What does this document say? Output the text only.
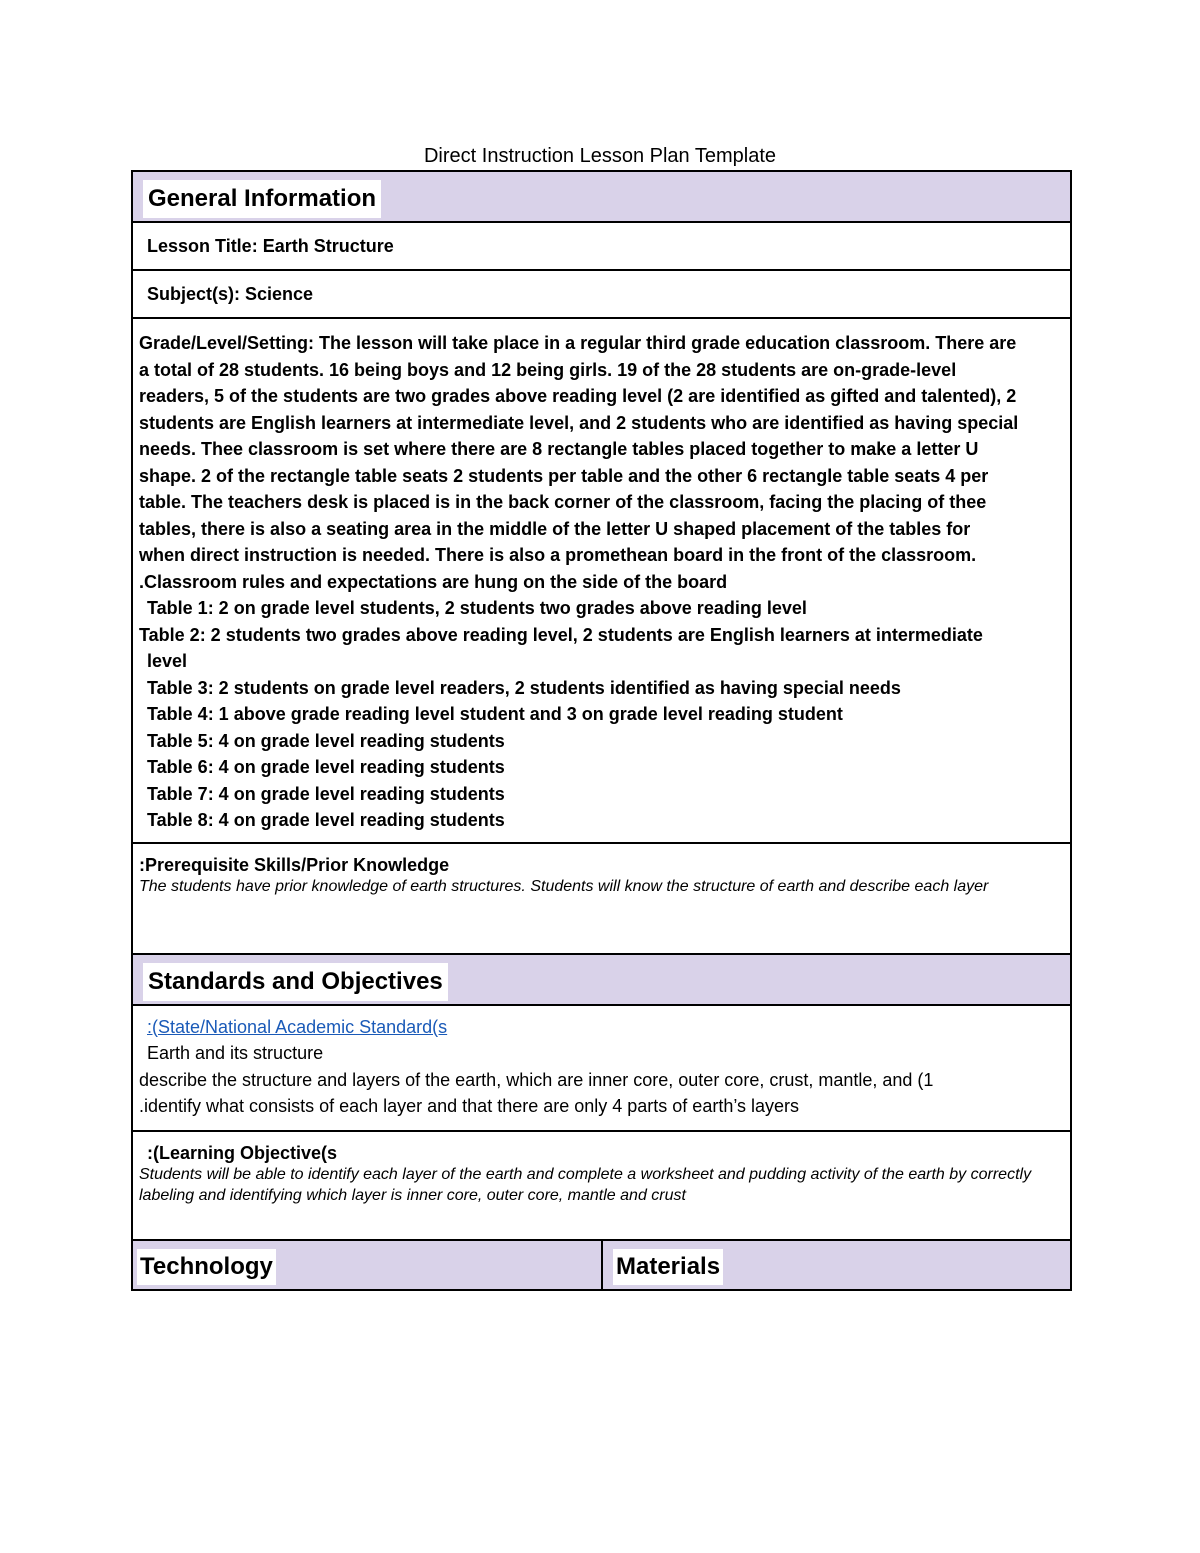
Direct Instruction Lesson Plan Template
General Information
Lesson Title: Earth Structure
Subject(s): Science

Grade/Level/Setting: The lesson will take place in a regular third grade education classroom. There are
a total of 28 students. 16 being boys and 12 being girls. 19 of the 28 students are on-grade-level
readers, 5 of the students are two grades above reading level (2 are identified as gifted and talented), 2
students are English learners at intermediate level, and 2 students who are identified as having special
needs. Thee classroom is set where there are 8 rectangle tables placed together to make a letter U
shape. 2 of the rectangle table seats 2 students per table and the other 6 rectangle table seats 4 per
table. The teachers desk is placed is in the back corner of the classroom, facing the placing of thee
tables, there is also a seating area in the middle of the letter U shaped placement of the tables for
when direct instruction is needed. There is also a promethean board in the front of the classroom.
.Classroom rules and expectations are hung on the side of the board
Table 1: 2 on grade level students, 2 students two grades above reading level
Table 2: 2 students two grades above reading level, 2 students are English learners at intermediate
level
Table 3: 2 students on grade level readers, 2 students identified as having special needs
Table 4: 1 above grade reading level student and 3 on grade level reading student
Table 5: 4 on grade level reading students
Table 6: 4 on grade level reading students
Table 7: 4 on grade level reading students
Table 8: 4 on grade level reading students

:Prerequisite Skills/Prior Knowledge
The students have prior knowledge of earth structures. Students will know the structure of earth and describe each layer

Standards and Objectives

:(State/National Academic Standard(s
Earth and its structure
describe the structure and layers of the earth, which are inner core, outer core, crust, mantle, and (1
.identify what consists of each layer and that there are only 4 parts of earth’s layers

:(Learning Objective(s
Students will be able to identify each layer of the earth and complete a worksheet and pudding activity of the earth by correctly labeling and identifying which layer is inner core, outer core, mantle and crust

Technology	Materials
